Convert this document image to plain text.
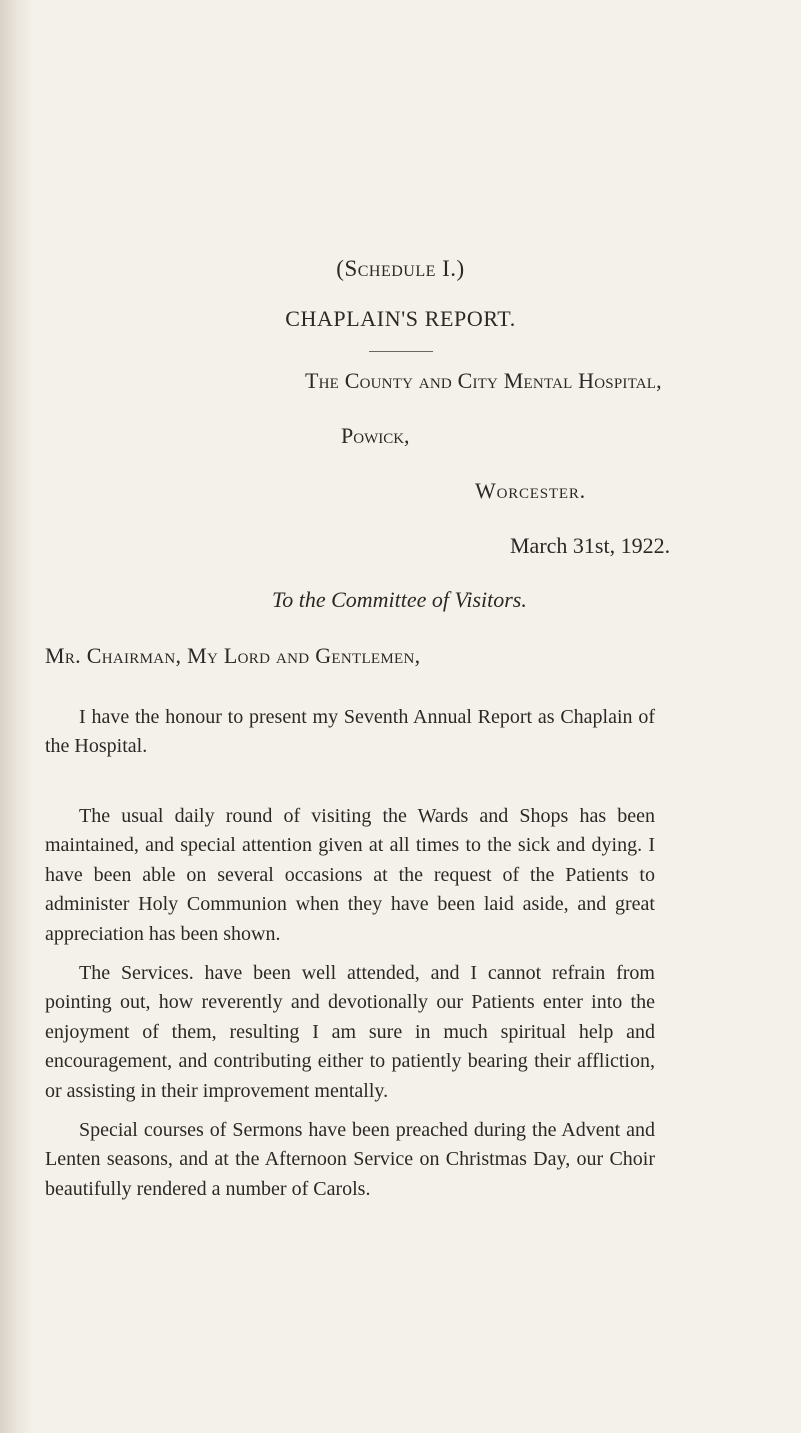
(Schedule I.)
CHAPLAIN'S REPORT.
The County and City Mental Hospital,
Powick,
Worcester.
March 31st, 1922.
To the Committee of Visitors.
Mr. Chairman, My Lord and Gentlemen,

I have the honour to present my Seventh Annual Report as Chaplain of the Hospital.

The usual daily round of visiting the Wards and Shops has been maintained, and special attention given at all times to the sick and dying. I have been able on several occasions at the request of the Patients to administer Holy Communion when they have been laid aside, and great appreciation has been shown.

The Services. have been well attended, and I cannot refrain from pointing out, how reverently and devotionally our Patients enter into the enjoyment of them, resulting I am sure in much spiritual help and encouragement, and contributing either to patiently bearing their affliction, or assisting in their improvement mentally.

Special courses of Sermons have been preached during the Advent and Lenten seasons, and at the Afternoon Service on Christmas Day, our Choir beautifully rendered a number of Carols.
